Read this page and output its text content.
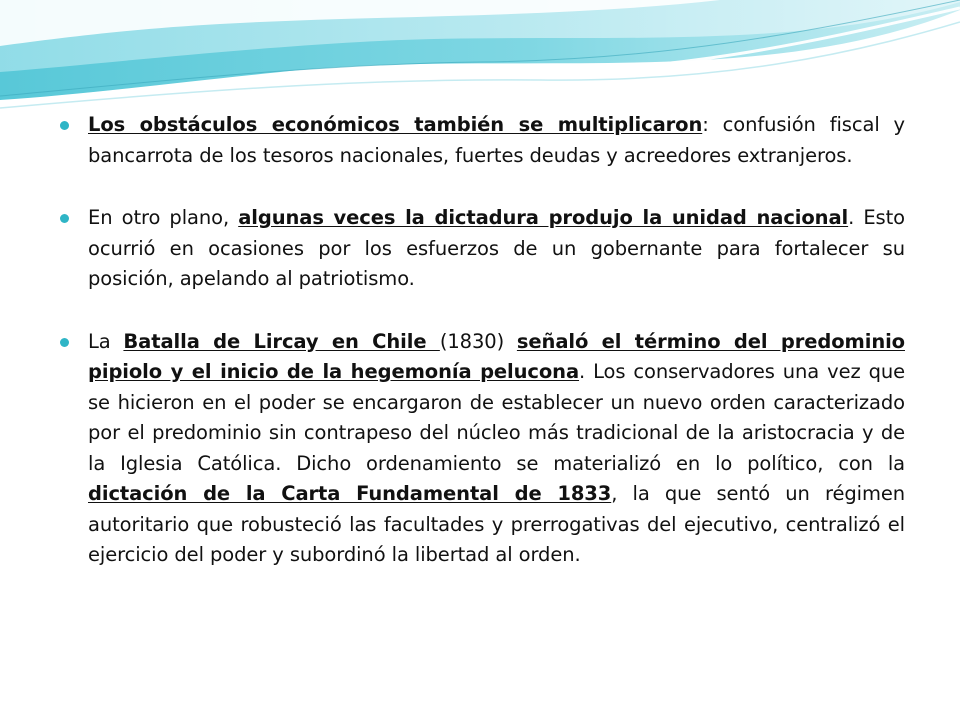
Los obstáculos económicos también se multiplicaron: confusión fiscal y bancarrota de los tesoros nacionales, fuertes deudas y acreedores extranjeros.

En otro plano, algunas veces la dictadura produjo la unidad nacional. Esto ocurrió en ocasiones por los esfuerzos de un gobernante para fortalecer su posición, apelando al patriotismo.

La Batalla de Lircay en Chile (1830) señaló el término del predominio pipiolo y el inicio de la hegemonía pelucona. Los conservadores una vez que se hicieron en el poder se encargaron de establecer un nuevo orden caracterizado por el predominio sin contrapeso del núcleo más tradicional de la aristocracia y de la Iglesia Católica. Dicho ordenamiento se materializó en lo político, con la dictación de la Carta Fundamental de 1833, la que sentó un régimen autoritario que robusteció las facultades y prerrogativas del ejecutivo, centralizó el ejercicio del poder y subordinó la libertad al orden.
